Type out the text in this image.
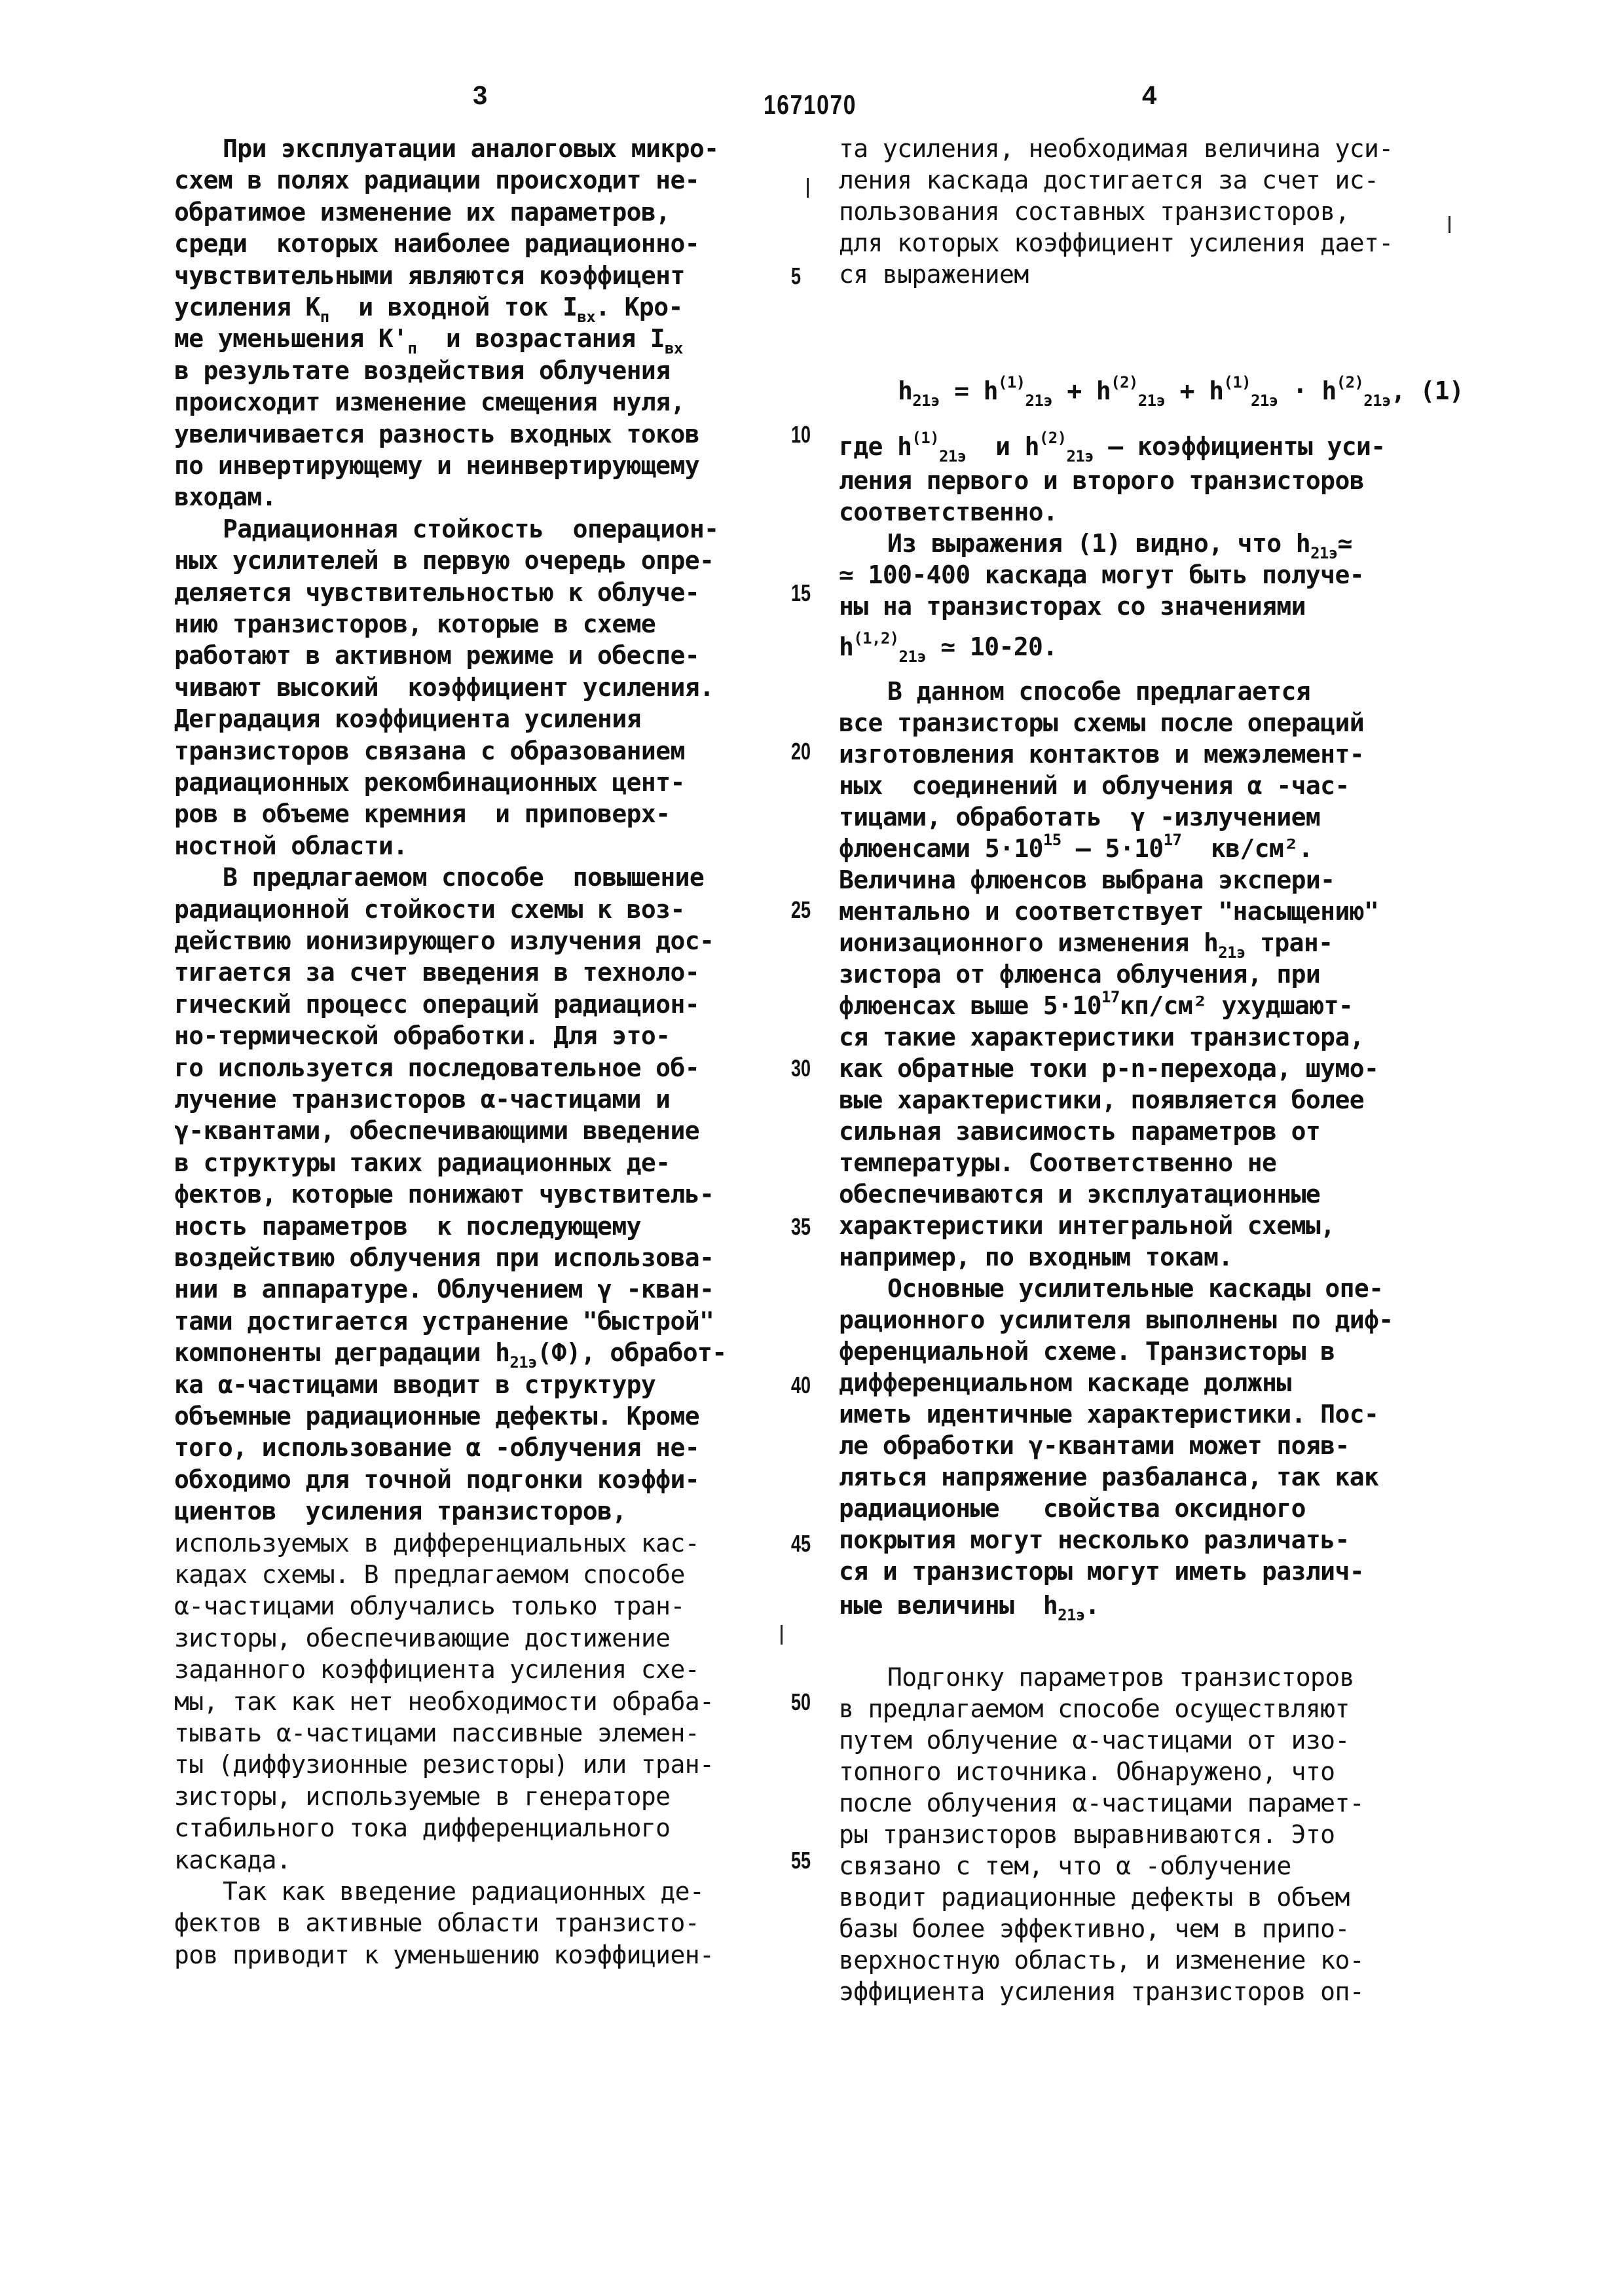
3	1671070	4
При эксплуатации аналоговых микро-
схем в полях радиации происходит не-
обратимое изменение их параметров,
среди  которых наиболее радиационно-
чувствительными являются коэффицент
усиления Kп  и входной ток Iвх. Кро-
ме уменьшения K'п  и возрастания Iвх
в результате воздействия облучения
происходит изменение смещения нуля,
увеличивается разность входных токов
по инвертирующему и неинвертирующему
входам.
Радиационная стойкость  операцион-
ных усилителей в первую очередь опре-
деляется чувствительностью к облуче-
нию транзисторов, которые в схеме
работают в активном режиме и обеспе-
чивают высокий  коэффициент усиления.
Деградация коэффициента усиления
транзисторов связана с образованием
радиационных рекомбинационных цент-
ров в объеме кремния  и приповерх-
ностной области.
В предлагаемом способе  повышение
радиационной стойкости схемы к воз-
действию ионизирующего излучения дос-
тигается за счет введения в техноло-
гический процесс операций радиацион-
но-термической обработки. Для это-
го используется последовательное об-
лучение транзисторов α-частицами и
γ-квантами, обеспечивающими введение
в структуры таких радиационных де-
фектов, которые понижают чувствитель-
ность параметров  к последующему
воздействию облучения при использова-
нии в аппаратуре. Облучением γ -кван-
тами достигается устранение "быстрой"
компоненты деградации h21э(Ф), обработ-
ка α-частицами вводит в структуру
объемные радиационные дефекты. Кроме
того, использование α -облучения не-
обходимо для точной подгонки коэффи-
циентов  усиления транзисторов,
используемых в дифференциальных кас-
кадах схемы. В предлагаемом способе
α-частицами облучались только тран-
зисторы, обеспечивающие достижение
заданного коэффициента усиления схе-
мы, так как нет необходимости обраба-
тывать α-частицами пассивные элемен-
ты (диффузионные резисторы) или тран-
зисторы, используемые в генераторе
стабильного тока дифференциального
каскада.
Так как введение радиационных де-
фектов в активные области транзисто-
ров приводит к уменьшению коэффициен-
5
10
15
20
25
30
35
40
45
50
55
та усиления, необходимая величина уси-
ления каскада достигается за счет ис-
пользования составных транзисторов,
для которых коэффициент усиления дает-
ся выражением
h21э = h(1)21э + h(2)21э + h(1)21э · h(2)21э, (1)
где h(1)21э  и h(2)21э – коэффициенты уси-
ления первого и второго транзисторов
соответственно.
Из выражения (1) видно, что h21э≃
≃ 100-400 каскада могут быть получе-
ны на транзисторах со значениями
h(1,2)21э ≃ 10-20.
В данном способе предлагается
все транзисторы схемы после операций
изготовления контактов и межэлемент-
ных  соединений и облучения α -час-
тицами, обработать  γ -излучением
флюенсами 5·1015 – 5·1017  кв/см².
Величина флюенсов выбрана экспери-
ментально и соответствует "насыщению"
ионизационного изменения h21э тран-
зистора от флюенса облучения, при
флюенсах выше 5·1017кп/см² ухудшают-
ся такие характеристики транзистора,
как обратные токи p-n-перехода, шумо-
вые характеристики, появляется более
сильная зависимость параметров от
температуры. Соответственно не
обеспечиваются и эксплуатационные
характеристики интегральной схемы,
например, по входным токам.
Основные усилительные каскады опе-
рационного усилителя выполнены по диф-
ференциальной схеме. Транзисторы в
дифференциальном каскаде должны
иметь идентичные характеристики. Пос-
ле обработки γ-квантами может появ-
ляться напряжение разбаланса, так как
радиационые   свойства оксидного
покрытия могут несколько различать-
ся и транзисторы могут иметь различ-
ные величины  h21э.
Подгонку параметров транзисторов
в предлагаемом способе осуществляют
путем облучение α-частицами от изо-
топного источника. Обнаружено, что
после облучения α-частицами парамет-
ры транзисторов выравниваются. Это
связано с тем, что α -облучение
вводит радиационные дефекты в объем
базы более эффективно, чем в припо-
верхностную область, и изменение ко-
эффициента усиления транзисторов оп-
